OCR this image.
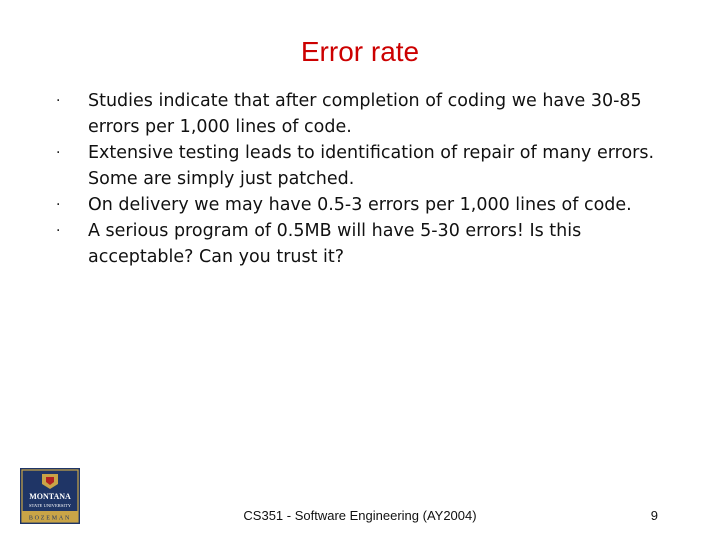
Error rate
· Studies indicate that after completion of coding we have 30-85 errors per 1,000 lines of code.
· Extensive testing leads to identification of repair of many errors. Some are simply just patched.
· On delivery we may have 0.5-3 errors per 1,000 lines of code.
· A serious program of 0.5MB will have 5-30 errors! Is this acceptable? Can you trust it?
MONTANA
STATE UNIVERSITY
BOZEMAN	CS351 - Software Engineering (AY2004)	9
